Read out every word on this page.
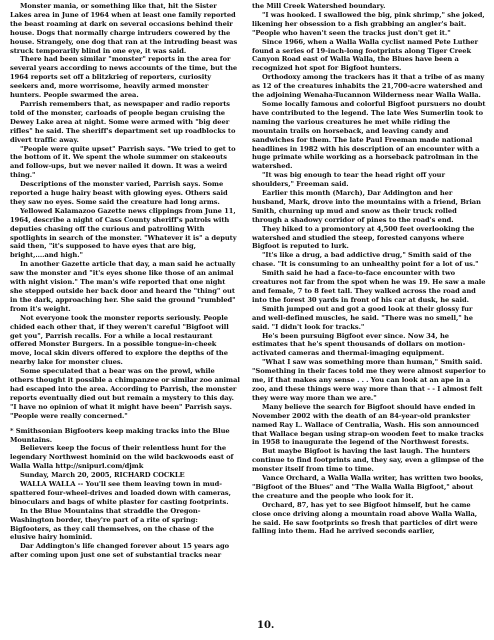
Monster mania, or something like that, hit the Sister Lakes area in June of 1964 when at least one family reported the beast roaming at dark on several occasions behind their house. Dogs that normally charge intruders cowered by the house. Strangely, one dog that ran at the intruding beast was struck temporarily blind in one eye, it was said.

There had been similar "monster" reports in the area for several years according to news accounts of the time, but the 1964 reports set off a blitzkrieg of reporters, curiosity seekers and, more worrisome, heavily armed monster hunters. People swarmed the area.

Parrish remembers that, as newspaper and radio reports told of the monster, carloads of people began cruising the Dewey Lake area at night. Some were armed with "big deer rifles" he said. The sheriff's department set up roadblocks to divert traffic away.

"People were quite upset" Parrish says. "We tried to get to the bottom of it. We spent the whole summer on stakeouts and follow-ups, but we never nailed it down. It was a weird thing."

Descriptions of the monster varied, Parrish says. Some reported a huge hairy beast with glowing eyes. Others said they saw no eyes. Some said the creature had long arms.

Yellowed Kalamazoo Gazette news clippings from June 11, 1964, describe a night of Cass County sheriff's patrols with deputies chasing off the curious and patrolling With spotlights in search of the monster. "Whatever it is" a deputy said then, "it's supposed to have eyes that are big, bright,....and high."

In another Gazette article that day, a man said he actually saw the monster and "it's eyes shone like those of an animal with night vision." The man's wife reported that one night she stepped outside her back door and heard the "thing" out in the dark, approaching her. She said the ground "rumbled" from it's weight.

Not everyone took the monster reports seriously. People chided each other that, if they weren't careful "Bigfoot will get you", Parrish recalls. For a while a local restaurant offered Monster Burgers. In a possible tongue-in-cheek move, local skin divers offered to explore the depths of the nearby lake for monster clues.

Some speculated that a bear was on the prowl, while others thought it possible a chimpanzee or similar zoo animal had escaped into the area. According to Parrish, the monster reports eventually died out but remain a mystery to this day. "I have no opinion of what it might have been" Parrish says. "People were really concerned."

* Smithsonian Bigfooters keep making tracks into the Blue Mountains.

Believers keep the focus of their relentless hunt for the legendary Northwest hominid on the wild backwoods east of Walla Walla http://snipurl.com/djmk

Sunday, March 20, 2005, RICHARD COCKLE

WALLA WALLA -- You'll see them leaving town in mud-spattered four-wheel-drives and loaded down with cameras, binoculars and bags of white plaster for casting footprints.

In the Blue Mountains that straddle the Oregon-Washington border, they're part of a rite of spring: Bigfooters, as they call themselves, on the chase of the elusive hairy hominid.

Dar Addington's life changed forever about 15 years ago after coming upon just one set of substantial tracks near

the Mill Creek Watershed boundary.

"I was hooked. I swallowed the big, pink shrimp," she joked, likening her obsession to a fish grabbing an angler's bait. "People who haven't seen the tracks just don't get it."

Since 1966, when a Walla Walla cyclist named Pete Luther found a series of 19-inch-long footprints along Tiger Creek Canyon Road east of Walla Walla, the Blues have been a recognized hot spot for Bigfoot hunters.

Orthodoxy among the trackers has it that a tribe of as many as 12 of the creatures inhabits the 21,700-acre watershed and the adjoining Wenaha-Tucannon Wilderness near Walla Walla.

Some locally famous and colorful Bigfoot pursuers no doubt have contributed to the legend. The late Wes Sumerlin took to naming the various creatures he met while riding the mountain trails on horseback, and leaving candy and sandwiches for them. The late Paul Freeman made national headlines in 1982 with his description of an encounter with a huge primate while working as a horseback patrolman in the watershed.

"It was big enough to tear the head right off your shoulders," Freeman said.

Earlier this month (March), Dar Addington and her husband, Mark, drove into the mountains with a friend, Brian Smith, churning up mud and snow as their truck rolled through a shadowy corridor of pines to the road's end.

They hiked to a promontory at 4,500 feet overlooking the watershed and studied the steep, forested canyons where Bigfoot is reputed to lurk.

"It's like a drug, a bad addictive drug," Smith said of the chase. "It is consuming to an unhealthy point for a lot of us."

Smith said he had a face-to-face encounter with two creatures not far from the spot when he was 19. He saw a male and female, 7 to 8 feet tall. They walked across the road and into the forest 30 yards in front of his car at dusk, he said.

Smith jumped out and got a good look at their glossy fur and well-defined muscles, he said. "There was no smell," he said. "I didn't look for tracks."

He's been pursuing Bigfoot ever since. Now 34, he estimates that he's spent thousands of dollars on motion-activated cameras and thermal-imaging equipment.

"What I saw was something more than human," Smith said. "Something in their faces told me they were almost superior to me, if that makes any sense . . . You can look at an ape in a zoo, and these things were way more than that - - I almost felt they were way more than we are."

Many believe the search for Bigfoot should have ended in November 2002 with the death of an 84-year-old prankster named Ray L. Wallace of Centralia, Wash. His son announced that Wallace began using strap-on wooden feet to make tracks in 1958 to inaugurate the legend of the Northwest forests.

But maybe Bigfoot is having the last laugh. The hunters continue to find footprints and, they say, even a glimpse of the monster itself from time to time.

Vance Orchard, a Walla Walla writer, has written two books, "Bigfoot of the Blues" and "The Walla Walla Bigfoot," about the creature and the people who look for it.

Orchard, 87, has yet to see Bigfoot himself, but he came close once driving along a mountain road above Walla Walla, he said. He saw footprints so fresh that particles of dirt were falling into them. Had he arrived seconds earlier,

10.
